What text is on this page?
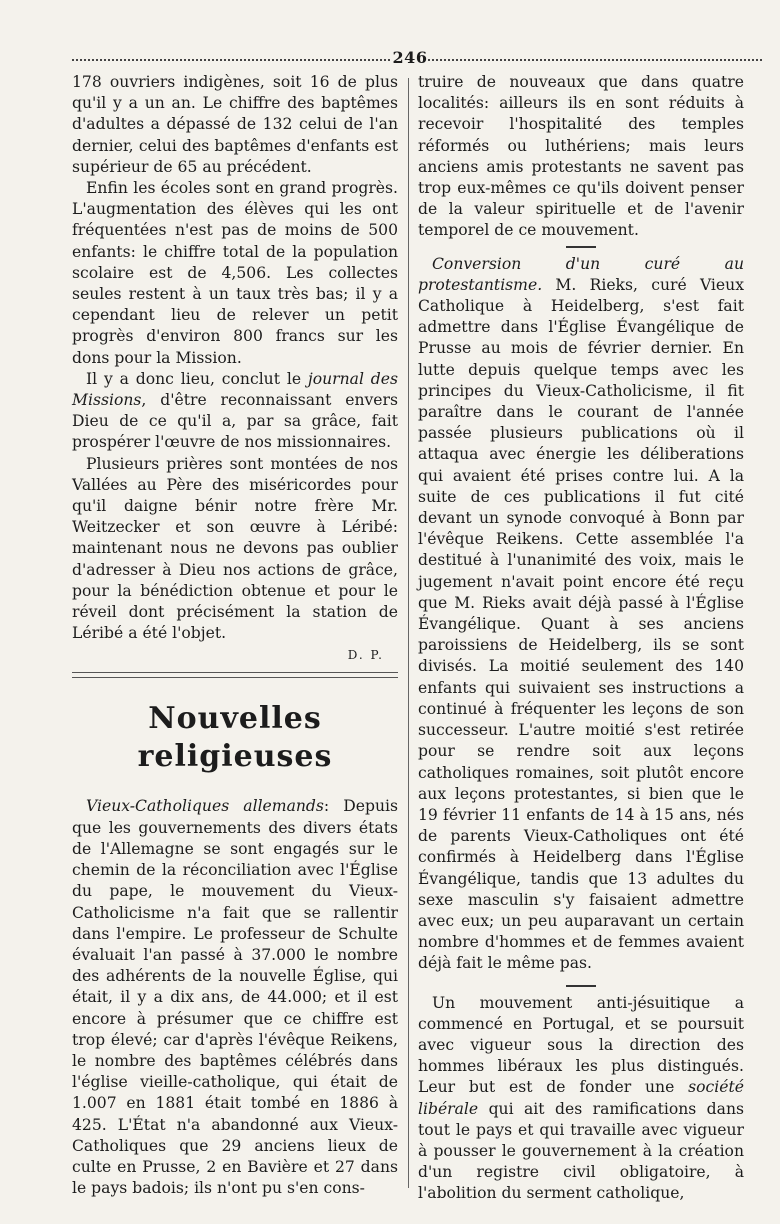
246

178 ouvriers indigènes, soit 16 de plus qu'il y a un an. Le chiffre des baptêmes d'adultes a dépassé de 132 celui de l'an dernier, celui des baptêmes d'enfants est supérieur de 65 au précédent.

Enfin les écoles sont en grand progrès. L'augmentation des élèves qui les ont fréquentées n'est pas de moins de 500 enfants: le chiffre total de la population scolaire est de 4,506. Les collectes seules restent à un taux très bas; il y a cependant lieu de relever un petit progrès d'environ 800 francs sur les dons pour la Mission.

Il y a donc lieu, conclut le journal des Missions, d'être reconnaissant envers Dieu de ce qu'il a, par sa grâce, fait prospérer l'œuvre de nos missionnaires.

Plusieurs prières sont montées de nos Vallées au Père des miséricordes pour qu'il daigne bénir notre frère Mr. Weitzecker et son œuvre à Léribé: maintenant nous ne devons pas oublier d'adresser à Dieu nos actions de grâce, pour la bénédiction obtenue et pour le réveil dont précisément la station de Léribé a été l'objet.

D. P.
Nouvelles religieuses

Vieux-Catholiques allemands: Depuis que les gouvernements des divers états de l'Allemagne se sont engagés sur le chemin de la réconciliation avec l'Église du pape, le mouvement du Vieux-Catholicisme n'a fait que se rallentir dans l'empire. Le professeur de Schulte évaluait l'an passé à 37.000 le nombre des adhérents de la nouvelle Église, qui était, il y a dix ans, de 44.000; et il est encore à présumer que ce chiffre est trop élevé; car d'après l'évêque Reikens, le nombre des baptêmes célébrés dans l'église vieille-catholique, qui était de 1.007 en 1881 était tombé en 1886 à 425. L'État n'a abandonné aux Vieux-Catholiques que 29 anciens lieux de culte en Prusse, 2 en Bavière et 27 dans le pays badois; ils n'ont pu s'en cons-

truire de nouveaux que dans quatre localités: ailleurs ils en sont réduits à recevoir l'hospitalité des temples réformés ou luthériens; mais leurs anciens amis protestants ne savent pas trop eux-mêmes ce qu'ils doivent penser de la valeur spirituelle et de l'avenir temporel de ce mouvement.

Conversion d'un curé au protestantisme. M. Rieks, curé Vieux Catholique à Heidelberg, s'est fait admettre dans l'Église Évangélique de Prusse au mois de février dernier. En lutte depuis quelque temps avec les principes du Vieux-Catholicisme, il fit paraître dans le courant de l'année passée plusieurs publications où il attaqua avec énergie les déliberations qui avaient été prises contre lui. A la suite de ces publications il fut cité devant un synode convoqué à Bonn par l'évêque Reikens. Cette assemblée l'a destitué à l'unanimité des voix, mais le jugement n'avait point encore été reçu que M. Rieks avait déjà passé à l'Église Évangélique. Quant à ses anciens paroissiens de Heidelberg, ils se sont divisés. La moitié seulement des 140 enfants qui suivaient ses instructions a continué à fréquenter les leçons de son successeur. L'autre moitié s'est retirée pour se rendre soit aux leçons catholiques romaines, soit plutôt encore aux leçons protestantes, si bien que le 19 février 11 enfants de 14 à 15 ans, nés de parents Vieux-Catholiques ont été confirmés à Heidelberg dans l'Église Évangélique, tandis que 13 adultes du sexe masculin s'y faisaient admettre avec eux; un peu auparavant un certain nombre d'hommes et de femmes avaient déjà fait le même pas.

Un mouvement anti-jésuitique a commencé en Portugal, et se poursuit avec vigueur sous la direction des hommes libéraux les plus distingués. Leur but est de fonder une société libérale qui ait des ramifications dans tout le pays et qui travaille avec vigueur à pousser le gouvernement à la création d'un registre civil obligatoire, à l'abolition du serment catholique,
